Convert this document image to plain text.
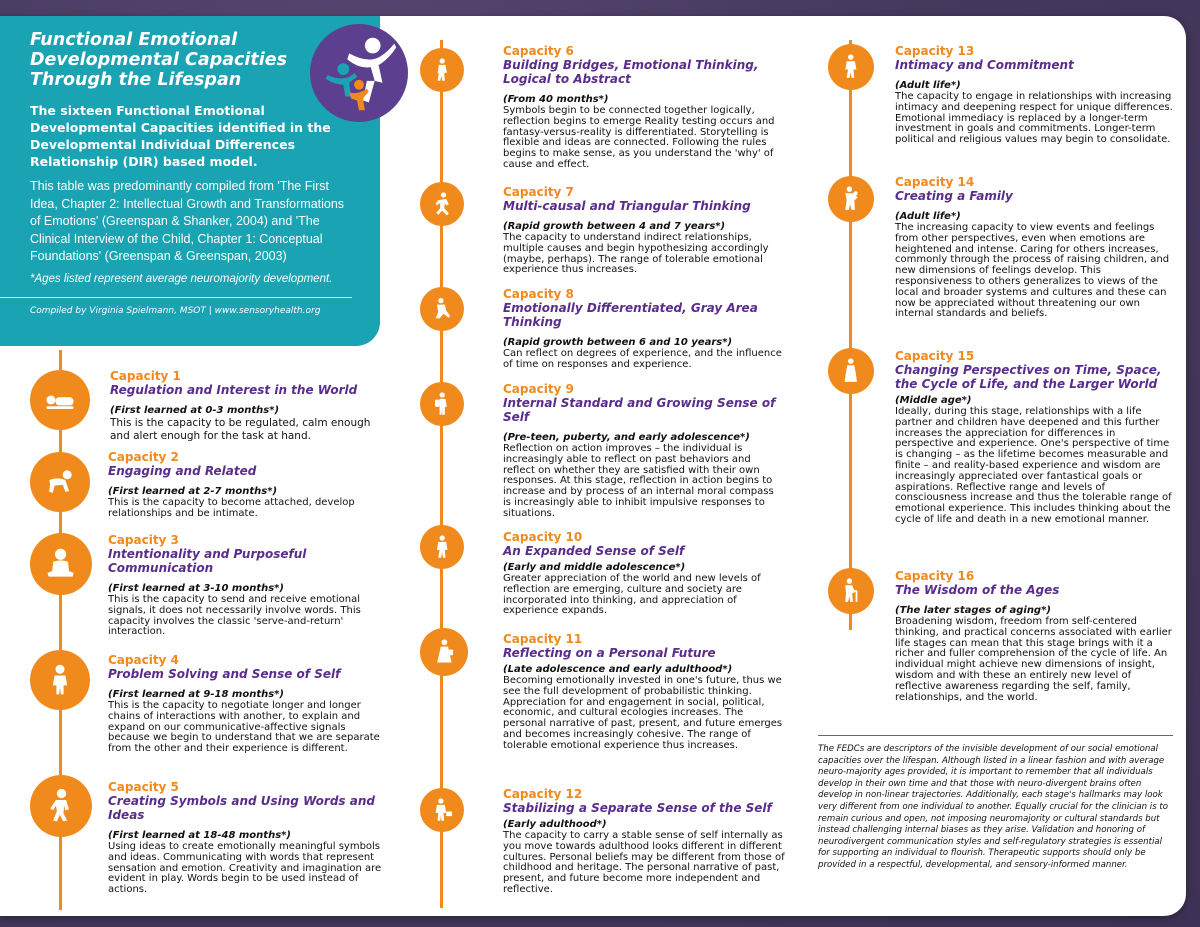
Functional Emotional Developmental Capacities Through the Lifespan

The sixteen Functional Emotional Developmental Capacities identified in the Developmental Individual Differences Relationship (DIR) based model.

This table was predominantly compiled from 'The First Idea, Chapter 2: Intellectual Growth and Transformations of Emotions' (Greenspan & Shanker, 2004) and 'The Clinical Interview of the Child, Chapter 1: Conceptual Foundations' (Greenspan & Greenspan, 2003)

*Ages listed represent average neuromajority development.

Compiled by Virginia Spielmann, MSOT | www.sensoryhealth.org

Capacity 1

Regulation and Interest in the World

(First learned at 0-3 months*)

This is the capacity to be regulated, calm enough and alert enough for the task at hand.

Capacity 2

Engaging and Related

(First learned at 2-7 months*)

This is the capacity to become attached, develop relationships and be intimate.

Capacity 3

Intentionality and Purposeful Communication

(First learned at 3-10 months*)

This is the capacity to send and receive emotional signals, it does not necessarily involve words. This capacity involves the classic 'serve-and-return' interaction.

Capacity 4

Problem Solving and Sense of Self

(First learned at 9-18 months*)

This is the capacity to negotiate longer and longer chains of interactions with another, to explain and expand on our communicative-affective signals because we begin to understand that we are separate from the other and their experience is different.

Capacity 5

Creating Symbols and Using Words and Ideas

(First learned at 18-48 months*)

Using ideas to create emotionally meaningful symbols and ideas. Communicating with words that represent sensation and emotion. Creativity and imagination are evident in play. Words begin to be used instead of actions.

Capacity 6

Building Bridges, Emotional Thinking, Logical to Abstract

(From 40 months*)

Symbols begin to be connected together logically, reflection begins to emerge Reality testing occurs and fantasy-versus-reality is differentiated. Storytelling is flexible and ideas are connected. Following the rules begins to make sense, as you understand the 'why' of cause and effect.

Capacity 7

Multi-causal and Triangular Thinking

(Rapid growth between 4 and 7 years*)

The capacity to understand indirect relationships, multiple causes and begin hypothesizing accordingly (maybe, perhaps). The range of tolerable emotional experience thus increases.

Capacity 8

Emotionally Differentiated, Gray Area Thinking

(Rapid growth between 6 and 10 years*)

Can reflect on degrees of experience, and the influence of time on responses and experience.

Capacity 9

Internal Standard and Growing Sense of Self

(Pre-teen, puberty, and early adolescence*)

Reflection on action improves – the individual is increasingly able to reflect on past behaviors and reflect on whether they are satisfied with their own responses. At this stage, reflection in action begins to increase and by process of an internal moral compass is increasingly able to inhibit impulsive responses to situations.

Capacity 10

An Expanded Sense of Self

(Early and middle adolescence*)

Greater appreciation of the world and new levels of reflection are emerging, culture and society are incorporated into thinking, and appreciation of experience expands.

Capacity 11

Reflecting on a Personal Future

(Late adolescence and early adulthood*)

Becoming emotionally invested in one's future, thus we see the full development of probabilistic thinking. Appreciation for and engagement in social, political, economic, and cultural ecologies increases. The personal narrative of past, present, and future emerges and becomes increasingly cohesive. The range of tolerable emotional experience thus increases.

Capacity 12

Stabilizing a Separate Sense of the Self

(Early adulthood*)

The capacity to carry a stable sense of self internally as you move towards adulthood looks different in different cultures. Personal beliefs may be different from those of childhood and heritage. The personal narrative of past, present, and future become more independent and reflective.

Capacity 13

Intimacy and Commitment

(Adult life*)

The capacity to engage in relationships with increasing intimacy and deepening respect for unique differences. Emotional immediacy is replaced by a longer-term investment in goals and commitments. Longer-term political and religious values may begin to consolidate.

Capacity 14

Creating a Family

(Adult life*)

The increasing capacity to view events and feelings from other perspectives, even when emotions are heightened and intense. Caring for others increases, commonly through the process of raising children, and new dimensions of feelings develop. This responsiveness to others generalizes to views of the local and broader systems and cultures and these can now be appreciated without threatening our own internal standards and beliefs.

Capacity 15

Changing Perspectives on Time, Space, the Cycle of Life, and the Larger World

(Middle age*)

Ideally, during this stage, relationships with a life partner and children have deepened and this further increases the appreciation for differences in perspective and experience. One's perspective of time is changing – as the lifetime becomes measurable and finite – and reality-based experience and wisdom are increasingly appreciated over fantastical goals or aspirations. Reflective range and levels of consciousness increase and thus the tolerable range of emotional experience. This includes thinking about the cycle of life and death in a new emotional manner.

Capacity 16

The Wisdom of the Ages

(The later stages of aging*)

Broadening wisdom, freedom from self-centered thinking, and practical concerns associated with earlier life stages can mean that this stage brings with it a richer and fuller comprehension of the cycle of life. An individual might achieve new dimensions of insight, wisdom and with these an entirely new level of reflective awareness regarding the self, family, relationships, and the world.

The FEDCs are descriptors of the invisible development of our social emotional capacities over the lifespan. Although listed in a linear fashion and with average neuro-majority ages provided, it is important to remember that all individuals develop in their own time and that those with neuro-divergent brains often develop in non-linear trajectories. Additionally, each stage's hallmarks may look very different from one individual to another. Equally crucial for the clinician is to remain curious and open, not imposing neuromajority or cultural standards but instead challenging internal biases as they arise. Validation and honoring of neurodivergent communication styles and self-regulatory strategies is essential for supporting an individual to flourish. Therapeutic supports should only be provided in a respectful, developmental, and sensory-informed manner.
